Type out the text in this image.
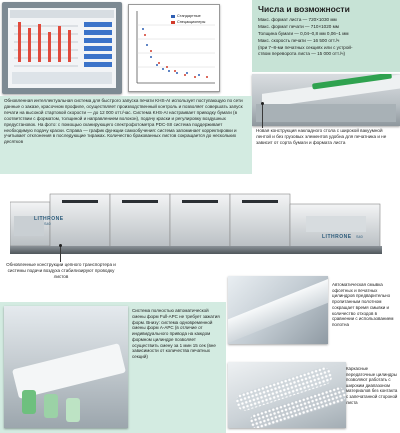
Стандартные
Спецакционеры
Числа и возможности
Макс. формат листа — 720×1030 мм
Макс. формат печати — 710×1020 мм
Толщина бумаги — 0,04–0,8 мм 0,06–1 мм
Макс. скорость печати — 16 500 отт./ч
(при 7–8-ми печатных секциях или с устрой-
ством переворота листа — 15 000 отт./ч)
Обновленная интеллектуальная система для быстрого запуска печати KHS-AI использует поступающую по сети данные о заказе, красочном профиле, осуществляет производственный контроль и позволяет совершать запуск печати на высокой стартовой скорости — до 12 000 отт./час. Система KHS-AI настраивает приводку бумаги (в соответствии с форматом, толщиной и направлением волокон), подачу краски и регулировку воздушных предустановок. На фото: с помощью сканирующего спектрофотометра PDC-SII система поддерживает необходимую подачу краски. Справа — график функции самообучения: система запоминает корректировки и учитывает отклонения в последующие тиражах. Количество бракованных листов сокращается до нескольких десятков
Новая конструкция накладного стола с широкой вакуумной лентой и без грузовых элементов удобна для печатника и не зависит от сорта бумаги и формата листа
LITHRONE
S40
LITHRONE S40
Обновленные конструкции цепного транспортера и системы подачи воздуха стабилизируют проводку листов
Автоматическая смывка офсетных и печатных цилиндров предварительно пропитанным полотном сокращает время смывки и количество отходов в сравнении с использованием полотна
Система полностью автоматической смены форм Full-APC не требует зажатия форм. Внизу: система одновременной смены форм A-APC (в отличие от индивидуального привода на каждом формном цилиндре позволяет осуществить смену за 1 мин 15 сек (вне зависимости от количества печатных секций)
Каркасные передаточные цилиндры позволяют работать с широким диапазоном материалов без контакта с запечатанной стороной листа
